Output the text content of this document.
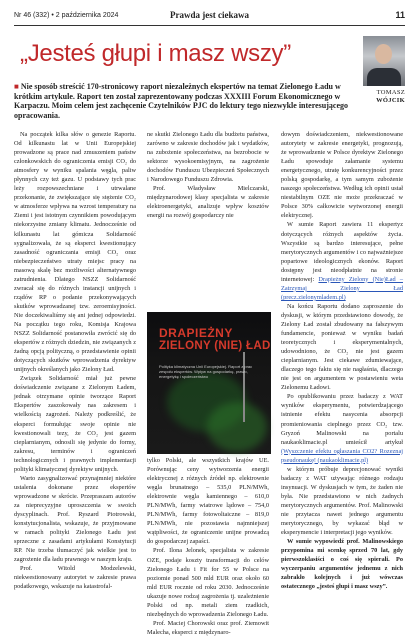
Nr 46 (332) • 2 października 2024	Prawda jest ciekawa	11
„Jesteś głupi i masz wszy”
TOMASZ
WÓJCIK
■ Nie sposób streścić 170-stronicowy raport niezależnych ekspertów na temat Zielonego Ładu w krótkim artykule. Raport ten został zaprezentowany podczas XXXIII Forum Ekonomicznego w Karpaczu. Moim celem jest zachęcenie Czytelników PJC do lektury tego niezwykle interesującego opracowania.

Na początek kilka słów o genezie Raportu. Od kilkunastu lat w Unii Europejskiej prowadzone są prace nad zmuszeniem państw członkowskich do ograniczenia emisji CO₂ do atmosfery w wyniku spalania węgla, paliw płynnych czy też gazu. U podstawy tych prac leży rozpowszechniane i utrwalane przekonanie, że zwiększające się stężenie CO₂ w atmosferze wpływa na wzrost temperatury na Ziemi i jest istotnym czynnikiem powodującym niekorzystne zmiany klimatu. Jednocześnie od kilkunastu lat gómicza Solidarność sygnalizowała, że są eksperci kwestionujący zasadność ograniczania emisji CO₂ oraz niebezpieczeństwo utraty miejsc pracy na masową skalę bez możliwości alternatywnego zatrudnienia. Dlatego NSZZ Solidarność zwracał się do różnych instancji unijnych i rządów RP o podanie przekonywających skutków wprowadzanej tzw. zeroemisyjności. Nie doczekiwaliśmy się ani jednej odpowiedzi. Na początku tego roku, Komisja Krajowa NSZZ Solidarność postanowiła zwrócić się do ekspertów z różnych dziedzin, nie związanych z żadną opcją polityczną, o przedstawienie opinii dotyczących skutków wprowadzenia dyrektyw unijnych określanych jako Zielony Ład.

Związek Solidarność miał już pewne doświadczenie związane z Zielonym Ładem, jednak otrzymane opinie tworzące Raport Ekspertów zaszokowały nas zakresem i wielkością zagrożeń. Należy podkreślić, że eksperci formułując swoje opinie nie kwestionowali tezy, że CO₂ jest gazem cieplarnianym, odnosili się jedynie do formy, zakresu, terminów i ograniczeń technologicznych i prawnych implementacji polityki klimatycznej dyrektyw unijnych.

Warto zasygnalizować przynajmniej niektóre ustalenia dokonane przez ekspertów wprowadzone w skrócie. Przepraszam autorów za nieprecyzyjne uproszczenia w swoich dyscyplinach. Prof. Ryszard Piotrowski, konstytucjonalista, wskazuje, że przyjmowane w ramach polityki Zielonego Ładu jest sprzeczne z zasadami artykułami Konstytucji RP. Nie trzeba tłumaczyć jak wielkie jest to zagrożenie dla ładu prawnego w naszym kraju.

Prof. Witold Modzelewski, niekwestionowany autorytet w zakresie prawa podatkowego, wskazuje na katastrofal-

ne skutki Zielonego Ładu dla budżetu państwa, zarówno w zakresie dochodów jak i wydatków, na zubożenie społeczeństwa, na bezrobocie w sektorze wysokoemisyjnym, na zagrożenie dochodów Funduszu Ubezpieczeń Społecznych i Narodowego Funduszu Zdrowia.

Prof. Władysław Mielczarski, międzynarodowej klasy specjalista w zakresie elektroenergetyki, analizuje wpływ kosztów energii na rozwój gospodarczy nie

DRAPIEŻNY
ZIELONY (NIE) ŁAD
Polityka klimatyczna Unii Europejskiej. Raport z prac zespołu ekspertów. Wpływ na gospodarkę, prawo, energetykę i społeczeństwo

tylko Polski, ale wszystkich krajów UE. Porównując ceny wytworzenia energii elektrycznej z różnych źródeł np. elektrownie węgla brunatnego – 535,0 PLN/MWh, elektrownie węgla kamiennego – 610,0 PLN/MWh, farmy wiatrowe lądowe – 754,0 PLN/MWh, farmy fotowoltaiczne – 819,0 PLN/MWh, nie pozostawia najmniejszej wątpliwości, że ograniczenie unijne prowadzą do gospodarczej zapaści.

Prof. Ilona Jelonek, specjalista w zakresie OZE, podaje koszty transformacji do celów Zielonego Ładu i Fit for 55 w Polsce na poziomie ponad 500 mld EUR oraz około 60 mld EUR rocznie od roku 2030. Jednocześnie ukazuje nowe rodzaj zagrożenia tj. uzależnienie Polski od np. metali ziem rzadkich, niezbędnych do wprowadzenia Zielonego Ładu.

Prof. Maciej Chorowski oraz prof. Ziemowit Malecha, eksperci z międzynaro-

dowym doświadczeniem, niekwestionowane autorytety w zakresie energetyki, prognozują, że wprowadzenie w Polsce dyrektyw Zielonego Ładu spowoduje załamanie systemu energetycznego, utratę konkurencyjności przez polską gospodarkę, a tym samym zubożenie naszego społeczeństwa. Według ich opinii ustał niestabilnym OZE nie może przekraczać w Polsce 30% całkowicie wytworzonej energii elektrycznej.

W sumie Raport zawiera 11 ekspertyz dotyczących różnych aspektów życia. Wszystkie są bardzo interesujące, pełne merytorycznych argumentów i co najważniejsze popartowe ideologicznych ekonów. Raport dostępny jest nieodpłatnie na stronie internetowej: Drapieżny Zielony (Nie)Ład – Zatrzymaj Zielony Ład (precz.zielonymladem.pl)

Na końcu Raportu dodano zaproszenie do dyskusji, w którym przedstawiono dowody, że Zielony Ład został zbudowany na fałszywym fundamencie, ponieważ w wyniku badań teoretycznych i eksperymentalnych, udowodniono, że CO₂ nie jest gazem cieplarnianym. Jest ciekawe zdumiewające, dlaczego tego faktu się nie nagłaśnia, dlaczego nie jest on argumentem w postawieniu weta Zielonemu Ładowi.

Po opublikowaniu przez badaczy z WAT wyników eksperymentu, potwierdzającego istnienie efektu nasycenia absorpcji promieniowania cieplnego przez CO₂ tzw. Gryzoń Malinowski na portalu naukaoklimacie.pl umieścił artykuł (Wyszczenie efektu ogłaszania CO2? Rozeznaj pseudonaukę! (naukaoklimacie.pl)

w którym próbuje deprecjonować wyniki badaczy z WAT używając różnego rodzaju insynuacji. W dyskusjach w tym, że żaden nie była. Nie przedstawiono w nich żadnych merytorycznych argumentów. Prof. Malinowski nie przytacza nawet jednego argumentu merytorycznego, by wykazać błąd w eksperymencie i interpretacji jego wyników.

W sumie wypowiedź prof. Malinowskiego przypomina mi scenkę sprzed 70 lat, gdy pierwszoklasiści o coś się spierali. Po wyczerpaniu argumentów jednemu z nich zabrakło kolejnych i już wówczas ostatecznego „jesteś głupi i masz wszy”.
